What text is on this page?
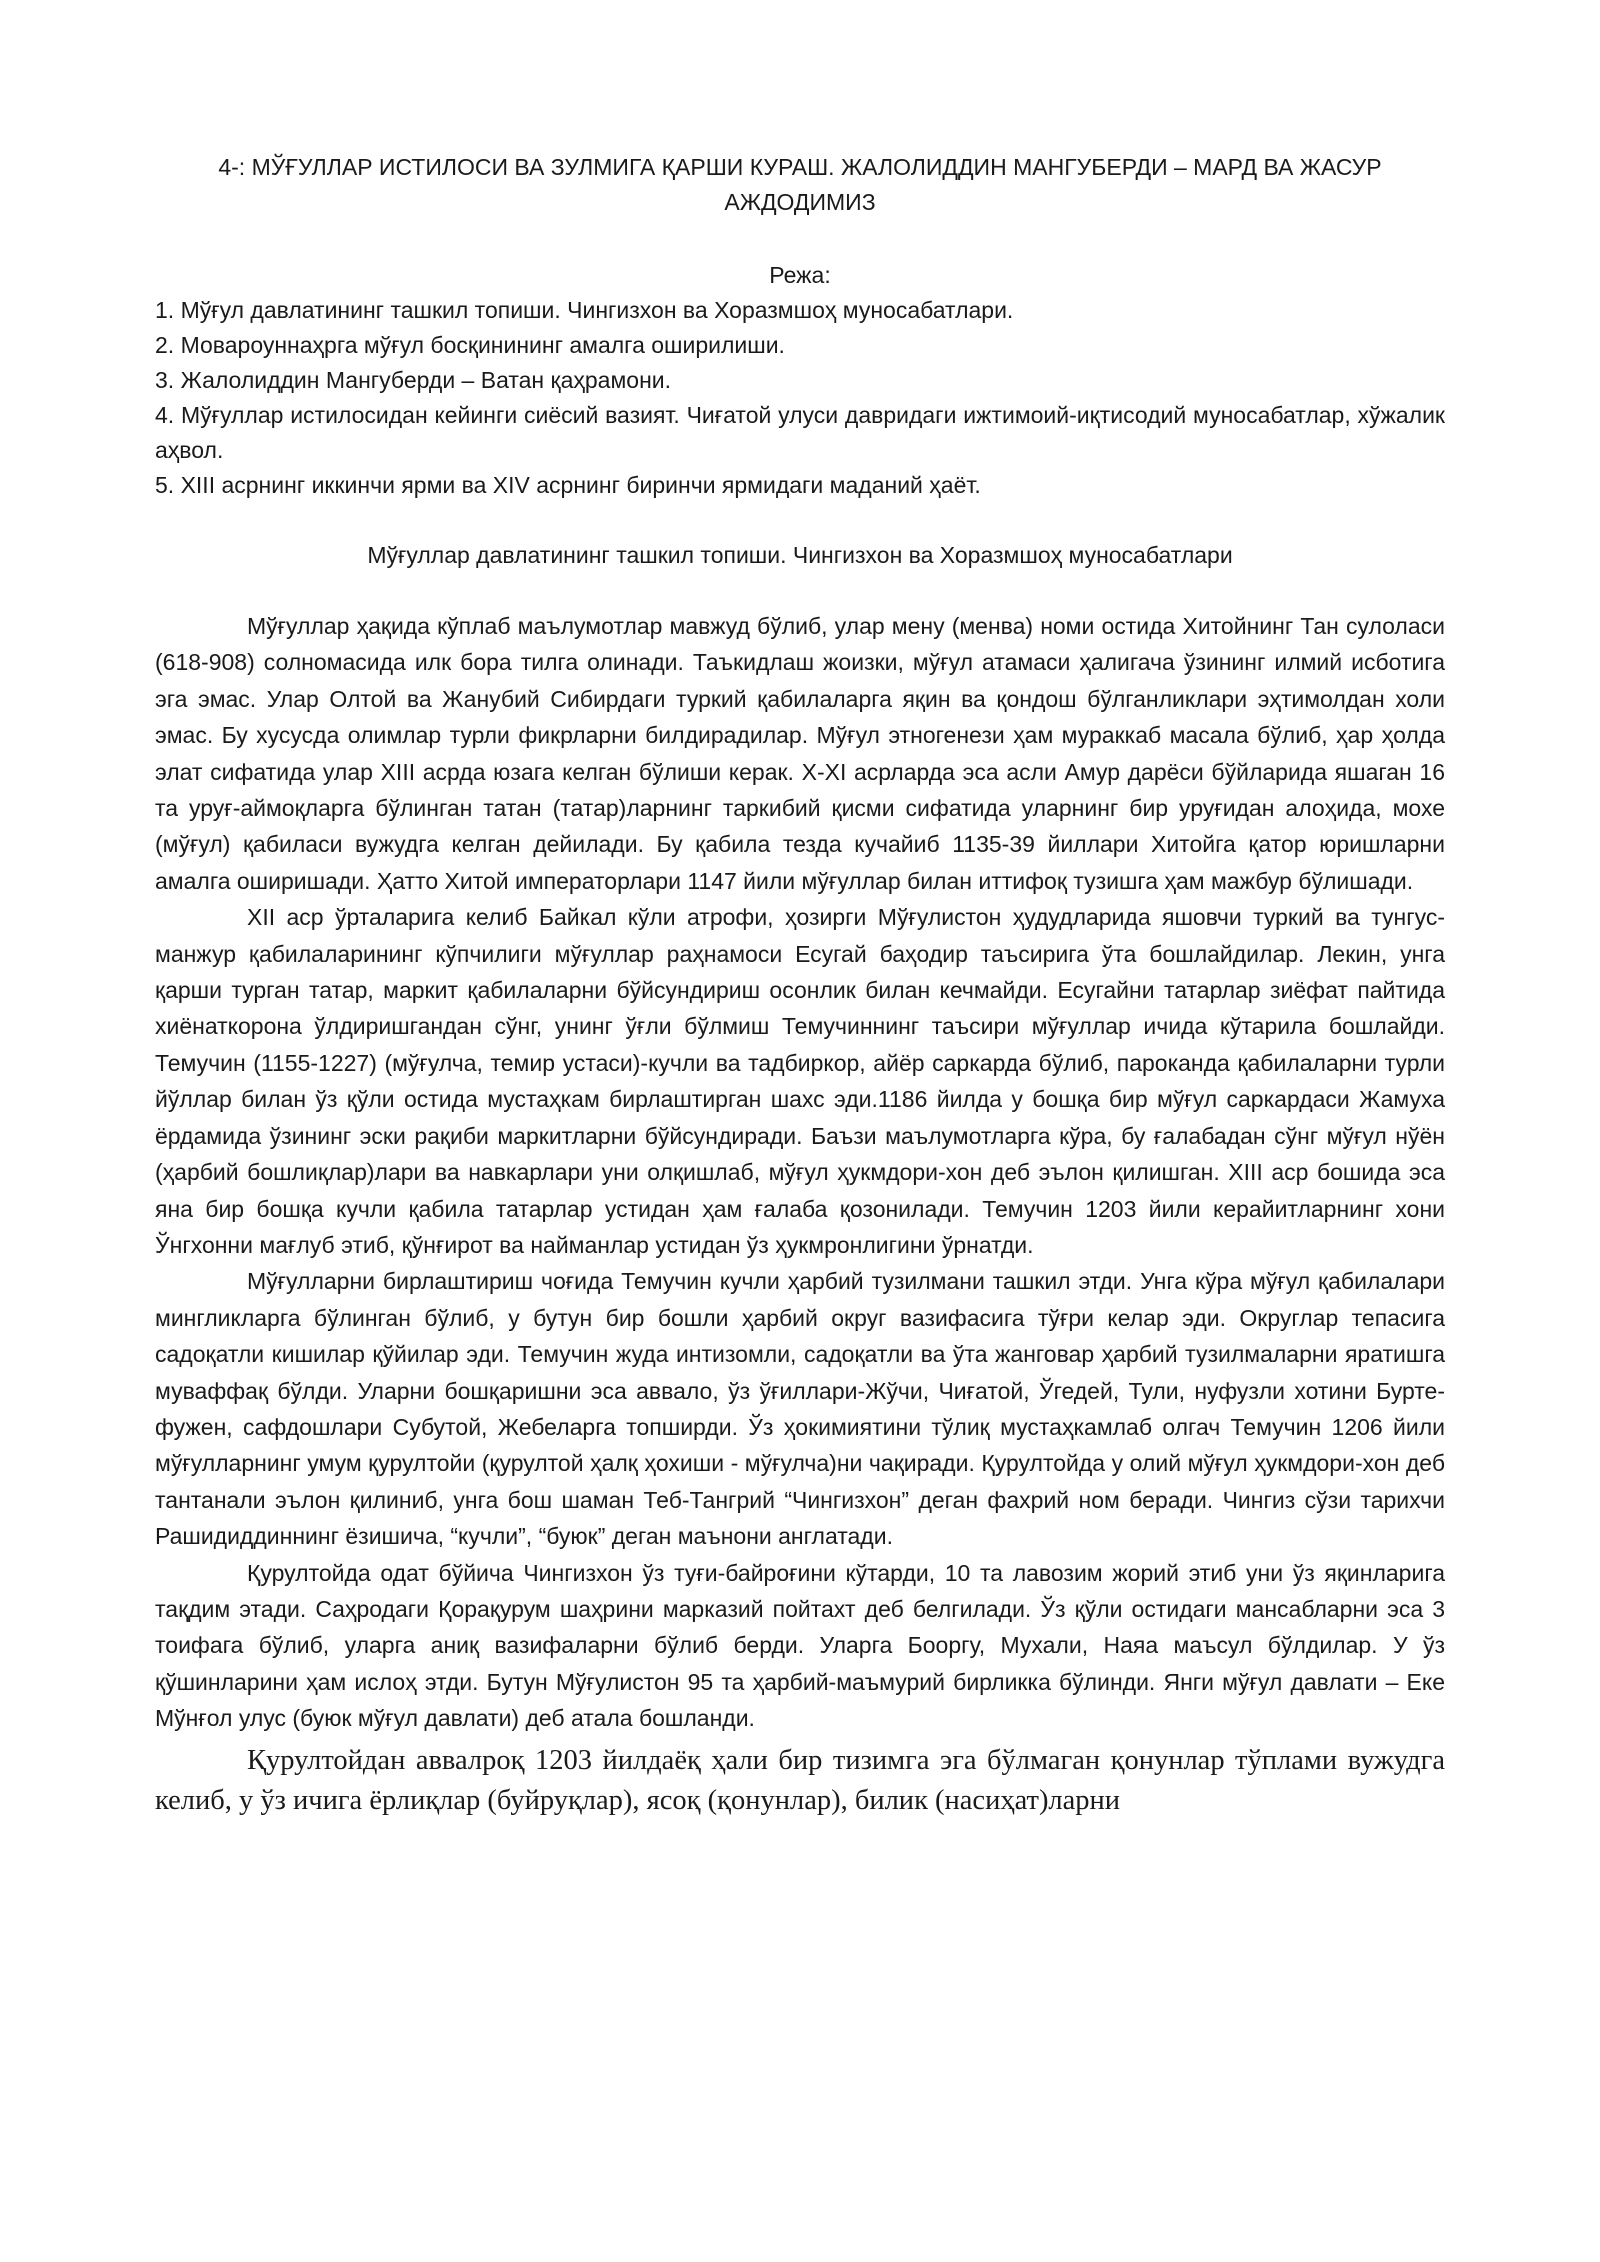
4-: МЎҒУЛЛАР ИСТИЛОСИ ВА ЗУЛМИГА ҚАРШИ КУРАШ. ЖАЛОЛИДДИН МАНГУБЕРДИ – МАРД ВА ЖАСУР АЖДОДИМИЗ

Режа:

1. Мўғул давлатининг ташкил топиши. Чингизхон ва Хоразмшоҳ муносабатлари.
2. Мовароуннаҳрга мўғул босқинининг амалга оширилиши.
3. Жалолиддин Мангуберди – Ватан қаҳрамони.
4. Мўғуллар истилосидан кейинги сиёсий вазият. Чиғатой улуси давридаги ижтимоий-иқтисодий муносабатлар, хўжалик аҳвол.
5. XIII асрнинг иккинчи ярми ва XIV асрнинг биринчи ярмидаги маданий ҳаёт.
Мўғуллар давлатининг ташкил топиши. Чингизхон ва Хоразмшоҳ муносабатлари

Мўғуллар ҳақида кўплаб маълумотлар мавжуд бўлиб, улар мену (менва) номи остида Хитойнинг Тан сулоласи (618-908) солномасида илк бора тилга олинади. Таъкидлаш жоизки, мўғул атамаси ҳалигача ўзининг илмий исботига эга эмас. Улар Олтой ва Жанубий Сибирдаги туркий қабилаларга яқин ва қондош бўлганликлари эҳтимолдан холи эмас. Бу хусусда олимлар турли фикрларни билдирадилар. Мўғул этногенези ҳам мураккаб масала бўлиб, ҳар ҳолда элат сифатида улар XIII асрда юзага келган бўлиши керак. X-XI асрларда эса асли Амур дарёси бўйларида яшаган 16 та уруғ-аймоқларга бўлинган татан (татар)ларнинг таркибий қисми сифатида уларнинг бир уруғидан алоҳида, мохе (мўғул) қабиласи вужудга келган дейилади. Бу қабила тезда кучайиб 1135-39 йиллари Хитойга қатор юришларни амалга оширишади. Ҳатто Хитой императорлари 1147 йили мўғуллар билан иттифоқ тузишга ҳам мажбур бўлишади.

XII аср ўрталарига келиб Байкал кўли атрофи, ҳозирги Мўғулистон ҳудудларида яшовчи туркий ва тунгус-манжур қабилаларининг кўпчилиги мўғуллар раҳнамоси Есугай баҳодир таъсирига ўта бошлайдилар. Лекин, унга қарши турган татар, маркит қабилаларни бўйсундириш осонлик билан кечмайди. Есугайни татарлар зиёфат пайтида хиёнаткорона ўлдиришгандан сўнг, унинг ўғли бўлмиш Темучиннинг таъсири мўғуллар ичида кўтарила бошлайди. Темучин (1155-1227) (мўғулча, темир устаси)-кучли ва тадбиркор, айёр саркарда бўлиб, пароканда қабилаларни турли йўллар билан ўз қўли остида мустаҳкам бирлаштирган шахс эди.1186 йилда у бошқа бир мўғул саркардаси Жамуха ёрдамида ўзининг эски рақиби маркитларни бўйсундиради. Баъзи маълумотларга кўра, бу ғалабадан сўнг мўғул нўён (ҳарбий бошлиқлар)лари ва навкарлари уни олқишлаб, мўғул ҳукмдори-хон деб эълон қилишган. XIII аср бошида эса яна бир бошқа кучли қабила татарлар устидан ҳам ғалаба қозонилади. Темучин 1203 йили керайитларнинг хони Ўнгхонни мағлуб этиб, қўнғирот ва найманлар устидан ўз ҳукмронлигини ўрнатди.

Мўғулларни бирлаштириш чоғида Темучин кучли ҳарбий тузилмани ташкил этди. Унга кўра мўғул қабилалари мингликларга бўлинган бўлиб, у бутун бир бошли ҳарбий округ вазифасига тўғри келар эди. Округлар тепасига садоқатли кишилар қўйилар эди. Темучин жуда интизомли, садоқатли ва ўта жанговар ҳарбий тузилмаларни яратишга муваффақ бўлди. Уларни бошқаришни эса аввало, ўз ўғиллари-Жўчи, Чиғатой, Ўгедей, Тули, нуфузли хотини Бурте-фужен, сафдошлари Субутой, Жебеларга топширди. Ўз ҳокимиятини тўлиқ мустаҳкамлаб олгач Темучин 1206 йили мўғулларнинг умум қурултойи (қурултой ҳалқ ҳохиши - мўғулча)ни чақиради. Қурултойда у олий мўғул ҳукмдори-хон деб тантанали эълон қилиниб, унга бош шаман Теб-Тангрий “Чингизхон” деган фахрий ном беради. Чингиз сўзи тарихчи Рашидиддиннинг ёзишича, “кучли”, “буюк” деган маънони англатади.

Қурултойда одат бўйича Чингизхон ўз туғи-байроғини кўтарди, 10 та лавозим жорий этиб уни ўз яқинларига тақдим этади. Саҳродаги Қорақурум шаҳрини марказий пойтахт деб белгилади. Ўз қўли остидаги мансабларни эса 3 тоифага бўлиб, уларга аниқ вазифаларни бўлиб берди. Уларга Бооргу, Мухали, Наяа маъсул бўлдилар. У ўз қўшинларини ҳам ислоҳ этди. Бутун Мўғулистон 95 та ҳарбий-маъмурий бирликка бўлинди. Янги мўғул давлати – Еке Мўнғол улус (буюк мўғул давлати) деб атала бошланди.

Қурултойдан аввалроқ 1203 йилдаёқ ҳали бир тизимга эга бўлмаган қонунлар тўплами вужудга келиб, у ўз ичига ёрлиқлар (буйруқлар), ясоқ (қонунлар), билик (насиҳат)ларни
